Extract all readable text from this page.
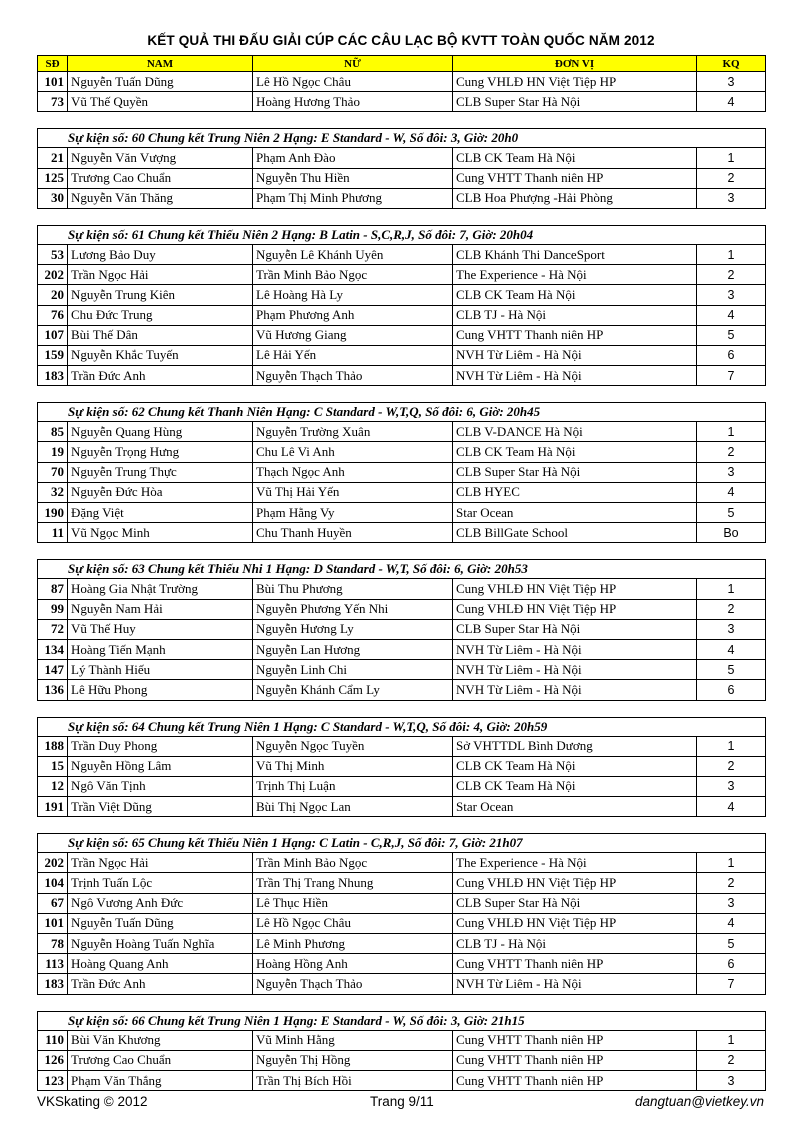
KẾT QUẢ THI ĐẤU GIẢI CÚP CÁC CÂU LẠC BỘ KVTT TOÀN QUỐC NĂM 2012
SĐ	NAM	NỮ	ĐƠN VỊ	KQ
101	Nguyễn Tuấn Dũng	Lê Hồ Ngọc Châu	Cung VHLĐ HN Việt Tiệp HP	3
73	Vũ Thế Quyền	Hoàng Hương Thảo	CLB Super Star Hà Nội	4

Sự kiện số: 60 Chung kết Trung Niên 2 Hạng: E Standard - W, Số đôi: 3, Giờ: 20h0				
21	Nguyễn Văn Vượng	Phạm Anh Đào	CLB CK Team Hà Nội	1
125	Trương Cao Chuẩn	Nguyễn Thu Hiền	Cung VHTT Thanh niên HP	2
30	Nguyễn Văn Thăng	Phạm Thị Minh Phương	CLB Hoa Phượng -Hải Phòng	3

Sự kiện số: 61 Chung kết Thiếu Niên 2 Hạng: B Latin - S,C,R,J, Số đôi: 7, Giờ: 20h04				
53	Lương Bảo Duy	Nguyễn Lê Khánh Uyên	CLB Khánh Thi DanceSport	1
202	Trần Ngọc Hải	Trần Minh Bảo Ngọc	The Experience - Hà Nội	2
20	Nguyễn Trung Kiên	Lê Hoàng Hà Ly	CLB CK Team Hà Nội	3
76	Chu Đức Trung	Phạm Phương Anh	CLB TJ - Hà Nội	4
107	Bùi Thế Dân	Vũ Hương Giang	Cung VHTT Thanh niên HP	5
159	Nguyễn Khắc Tuyến	Lê Hải Yến	NVH Từ Liêm - Hà Nội	6
183	Trần Đức Anh	Nguyễn Thạch Thảo	NVH Từ Liêm - Hà Nội	7

Sự kiện số: 62 Chung kết Thanh Niên Hạng: C Standard - W,T,Q, Số đôi: 6, Giờ: 20h45				
85	Nguyễn Quang Hùng	Nguyễn Trường Xuân	CLB V-DANCE Hà Nội	1
19	Nguyễn Trọng Hưng	Chu Lê Vi Anh	CLB CK Team Hà Nội	2
70	Nguyễn Trung Thực	Thạch Ngọc Anh	CLB Super Star Hà Nội	3
32	Nguyễn Đức Hòa	Vũ Thị Hải Yến	CLB HYEC	4
190	Đặng Việt	Phạm Hằng Vy	Star Ocean	5
11	Vũ Ngọc Minh	Chu Thanh Huyền	CLB BillGate School	Bo

Sự kiện số: 63 Chung kết Thiếu Nhi 1 Hạng: D Standard - W,T, Số đôi: 6, Giờ: 20h53				
87	Hoàng Gia Nhật Trường	Bùi Thu Phương	Cung VHLĐ HN Việt Tiệp HP	1
99	Nguyễn Nam Hải	Nguyễn Phương Yến Nhi	Cung VHLĐ HN Việt Tiệp HP	2
72	Vũ Thế Huy	Nguyễn Hương Ly	CLB Super Star Hà Nội	3
134	Hoàng Tiến Mạnh	Nguyễn Lan Hương	NVH Từ Liêm - Hà Nội	4
147	Lý Thành Hiếu	Nguyễn Linh Chi	NVH Từ Liêm - Hà Nội	5
136	Lê Hữu Phong	Nguyễn Khánh Cẩm Ly	NVH Từ Liêm - Hà Nội	6

Sự kiện số: 64 Chung kết Trung Niên 1 Hạng: C Standard - W,T,Q, Số đôi: 4, Giờ: 20h59				
188	Trần Duy Phong	Nguyễn Ngọc Tuyền	Sở VHTTDL Bình Dương	1
15	Nguyễn Hồng Lâm	Vũ Thị Minh	CLB CK Team Hà Nội	2
12	Ngô Văn Tịnh	Trịnh Thị Luận	CLB CK Team Hà Nội	3
191	Trần Việt Dũng	Bùi Thị Ngọc Lan	Star Ocean	4

Sự kiện số: 65 Chung kết Thiếu Niên 1 Hạng: C Latin - C,R,J, Số đôi: 7, Giờ: 21h07				
202	Trần Ngọc Hải	Trần Minh Bảo Ngọc	The Experience - Hà Nội	1
104	Trịnh Tuấn Lộc	Trần Thị Trang Nhung	Cung VHLĐ HN Việt Tiệp HP	2
67	Ngô Vương Anh Đức	Lê Thục Hiền	CLB Super Star Hà Nội	3
101	Nguyễn Tuấn Dũng	Lê Hồ Ngọc Châu	Cung VHLĐ HN Việt Tiệp HP	4
78	Nguyễn Hoàng Tuấn Nghĩa	Lê Minh Phương	CLB TJ - Hà Nội	5
113	Hoàng Quang Anh	Hoàng Hồng Anh	Cung VHTT Thanh niên HP	6
183	Trần Đức Anh	Nguyễn Thạch Thảo	NVH Từ Liêm - Hà Nội	7

Sự kiện số: 66 Chung kết Trung Niên 1 Hạng: E Standard - W, Số đôi: 3, Giờ: 21h15				
110	Bùi Văn Khương	Vũ Minh Hằng	Cung VHTT Thanh niên HP	1
126	Trương Cao Chuẩn	Nguyễn Thị Hồng	Cung VHTT Thanh niên HP	2
123	Phạm Văn Thắng	Trần Thị Bích Hồi	Cung VHTT Thanh niên HP	3
VKSkating © 2012	Trang 9/11	dangtuan@vietkey.vn
